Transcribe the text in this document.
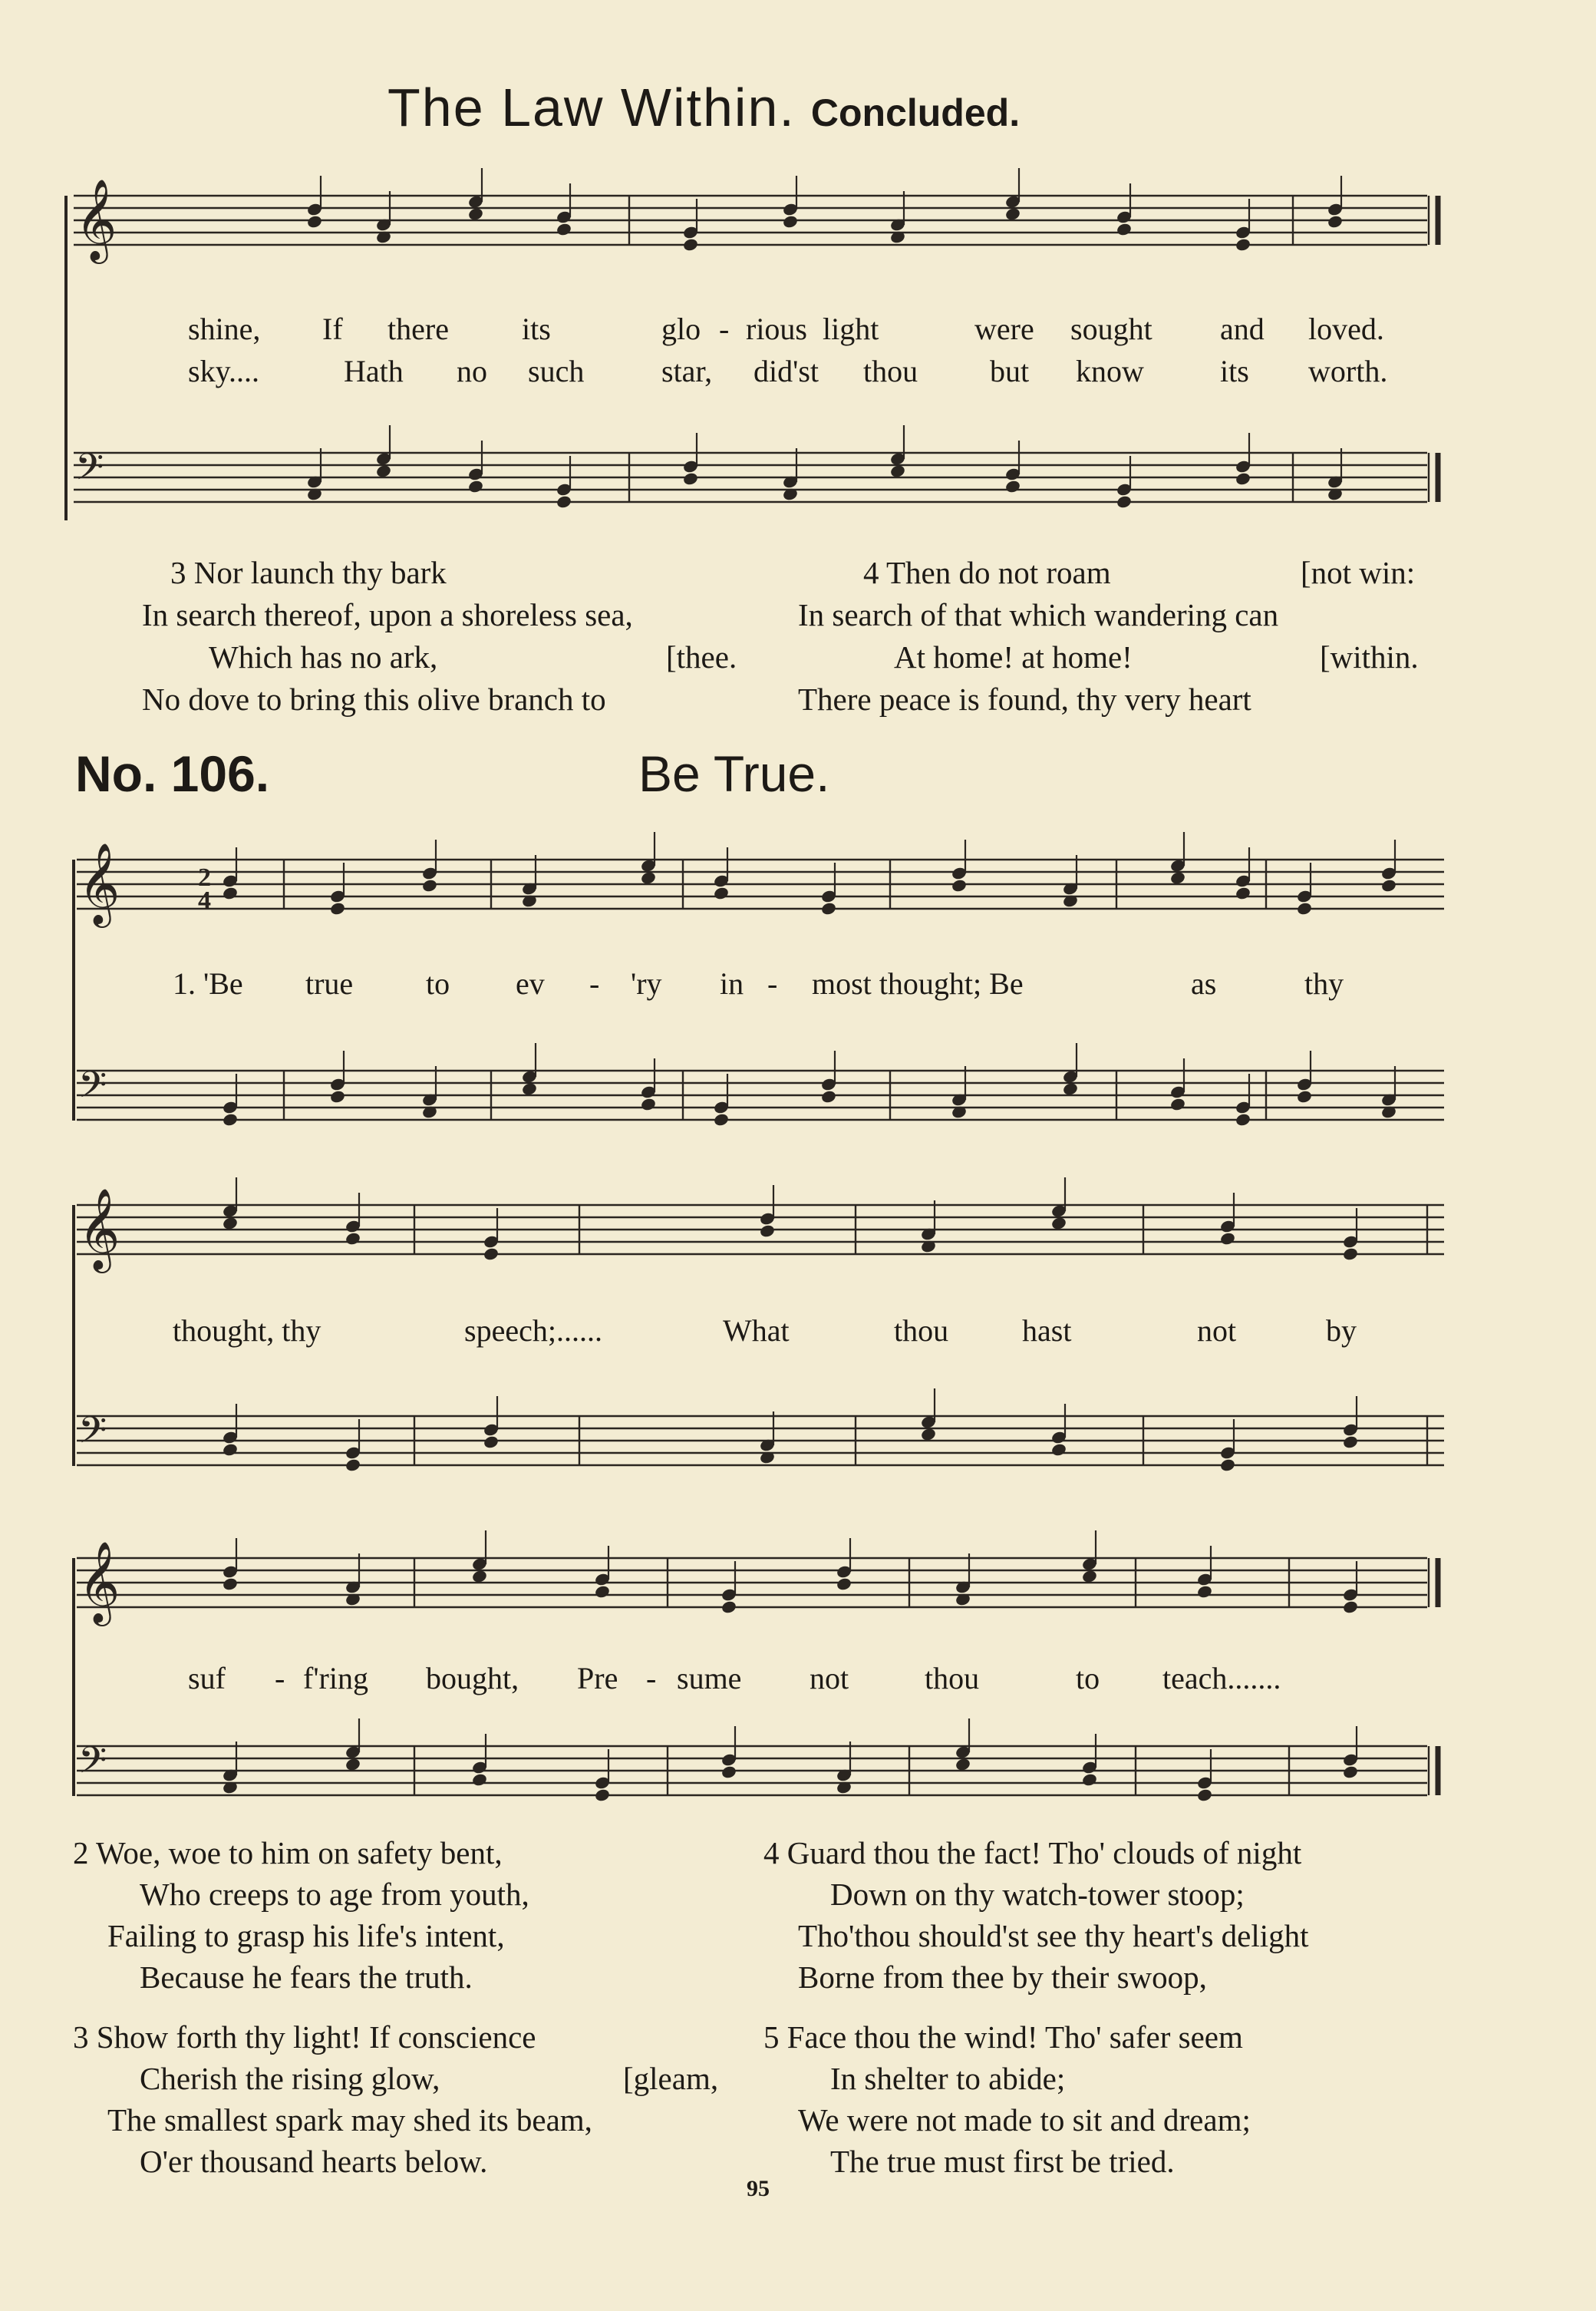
𝄞
𝄢
𝄞
𝄢
2
4
𝄞
𝄢
𝄞
𝄢
The Law Within. Concluded.
shine, If there its	glo - rious light	were sought and loved.
sky....	Hath no such	star, did'st thou but know its worth.
3 Nor launch thy bark
In search thereof, upon a shoreless sea,
Which has no ark,	[thee.
No dove to bring this olive branch to
4 Then do not roam	[not win:
In search of that which wandering can
At home! at home!	[within.
There peace is found, thy very heart
No. 106.	Be True.
1. 'Be true to ev - 'ry in - most thought; Be	as	thy
thought, thy	speech;......	What	thou hast	not	by
suf - f'ring bought, Pre - sume not thou	to teach.......
2 Woe, woe to him on safety bent,
Who creeps to age from youth,
Failing to grasp his life's intent,
Because he fears the truth.
3 Show forth thy light! If conscience
Cherish the rising glow,	[gleam,
The smallest spark may shed its beam,
O'er thousand hearts below.
4 Guard thou the fact! Tho' clouds of night
Down on thy watch-tower stoop;
Tho'thou should'st see thy heart's delight
Borne from thee by their swoop,
5 Face thou the wind! Tho' safer seem
In shelter to abide;
We were not made to sit and dream;
The true must first be tried.
95
